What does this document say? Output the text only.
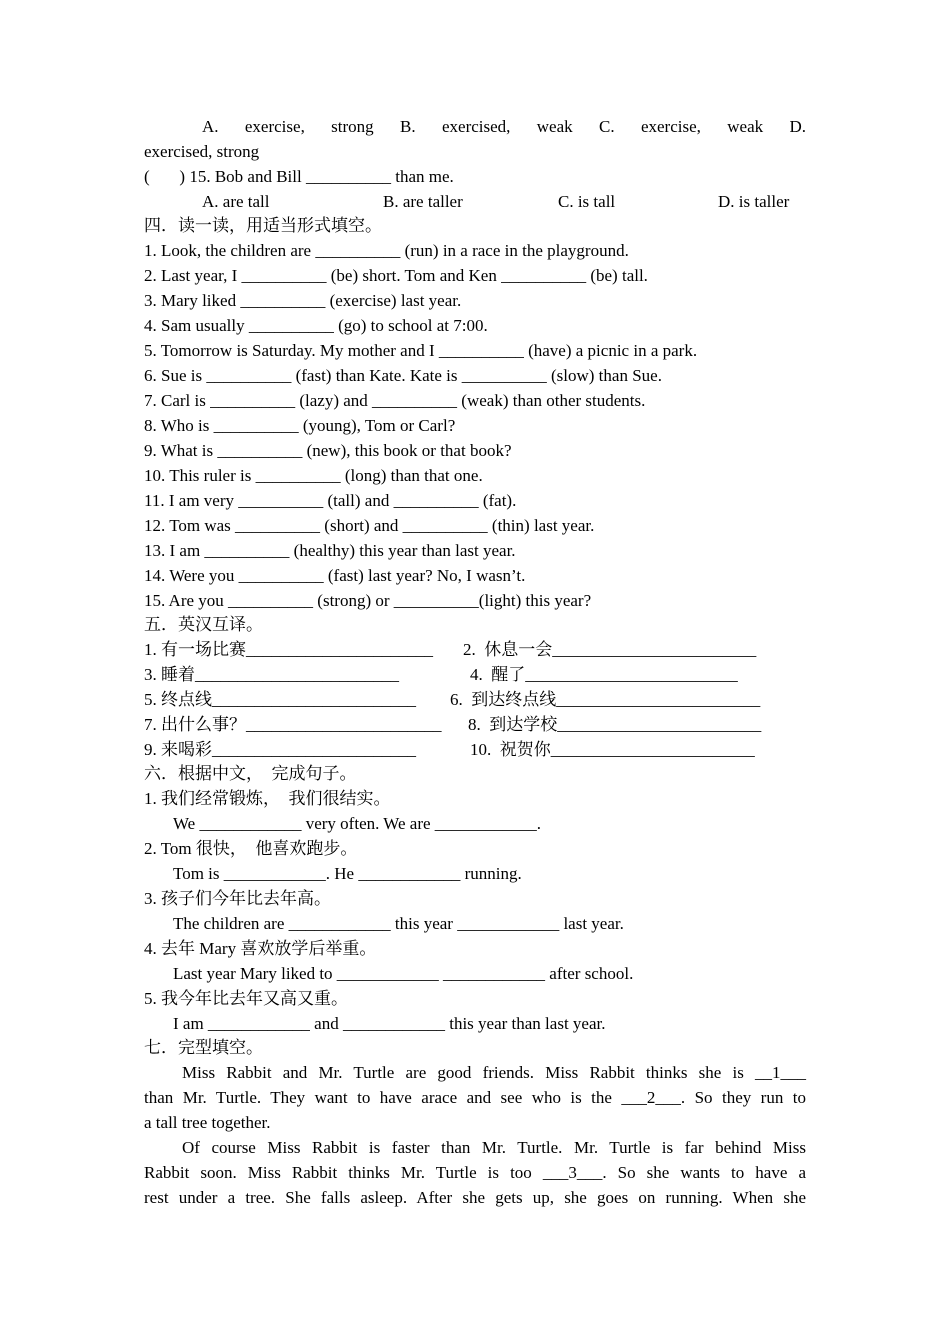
A. exercise, strong B. exercised, weak C. exercise, weak D.
exercised, strong
(       ) 15. Bob and Bill __________ than me.
A. are tall	B. are taller	C. is tall	D. is taller
四．读一读，用适当形式填空。
1. Look, the children are __________ (run) in a race in the playground.
2. Last year, I __________ (be) short. Tom and Ken __________ (be) tall.
3. Mary liked __________ (exercise) last year.
4. Sam usually __________ (go) to school at 7:00.
5. Tomorrow is Saturday. My mother and I __________ (have) a picnic in a park.
6. Sue is __________ (fast) than Kate. Kate is __________ (slow) than Sue.
7. Carl is __________ (lazy) and __________ (weak) than other students.
8. Who is __________ (young), Tom or Carl?
9. What is __________ (new), this book or that book?
10. This ruler is __________ (long) than that one.
11. I am very __________ (tall) and __________ (fat).
12. Tom was __________ (short) and __________ (thin) last year.
13. I am __________ (healthy) this year than last year.
14. Were you __________ (fast) last year? No, I wasn’t.
15. Are you __________ (strong) or __________(light) this year?
五．英汉互译。
1. 有一场比赛______________________ 2.  休息一会________________________
3. 睡着________________________	4.  醒了_________________________
5. 终点线________________________ 6.  到达终点线________________________
7. 出什么事？_______________________ 8.  到达学校________________________
9. 来喝彩________________________	10.  祝贺你________________________
六．根据中文，  完成句子。
1. 我们经常锻炼，  我们很结实。
We ____________ very often. We are ____________.
2. Tom 很快，  他喜欢跑步。
Tom is ____________. He ____________ running.
3. 孩子们今年比去年高。
The children are ____________ this year ____________ last year.
4. 去年 Mary 喜欢放学后举重。
Last year Mary liked to ____________ ____________ after school.
5. 我今年比去年又高又重。
I am ____________ and ____________ this year than last year.
七．完型填空。
Miss Rabbit and Mr. Turtle are good friends. Miss Rabbit thinks she is __1___
than Mr. Turtle. They want to have arace and see who is the ___2___. So they run to
a tall tree together.
Of course Miss Rabbit is faster than Mr. Turtle. Mr. Turtle is far behind Miss
Rabbit soon. Miss Rabbit thinks Mr. Turtle is too ___3___. So she wants to have a
rest under a tree. She falls asleep. After she gets up, she goes on running. When she
